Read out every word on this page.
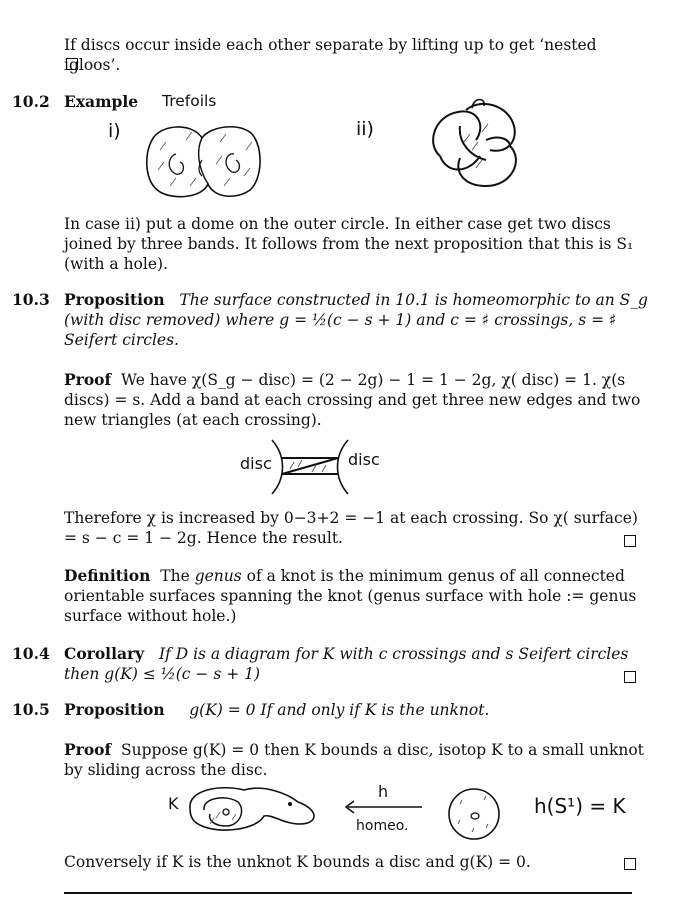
If discs occur inside each other separate by lifting up to get ‘nested igloos’.
10.2 Example Trefoils
i)	ii)
In case ii) put a dome on the outer circle. In either case get two discs joined by three bands. It follows from the next proposition that this is S₁ (with a hole).
10.3 Proposition The surface constructed in 10.1 is homeomorphic to an S_g (with disc removed) where g = ½(c − s + 1) and c = ♯ crossings, s = ♯ Seifert circles.
Proof We have χ(S_g − disc) = (2 − 2g) − 1 = 1 − 2g, χ( disc) = 1. χ(s discs) = s. Add a band at each crossing and get three new edges and two new triangles (at each crossing).
disc	disc
Therefore χ is increased by 0−3+2 = −1 at each crossing. So χ( surface) = s − c = 1 − 2g. Hence the result.
Definition The genus of a knot is the minimum genus of all connected orientable surfaces spanning the knot (genus surface with hole := genus surface without hole.)
10.4 Corollary If D is a diagram for K with c crossings and s Seifert circles then g(K) ≤ ½(c − s + 1)
10.5 Proposition g(K) = 0 If and only if K is the unknot.
Proof Suppose g(K) = 0 then K bounds a disc, isotop K to a small unknot by sliding across the disc.
K
h
homeo.
h(S¹) = K
Conversely if K is the unknot K bounds a disc and g(K) = 0.
